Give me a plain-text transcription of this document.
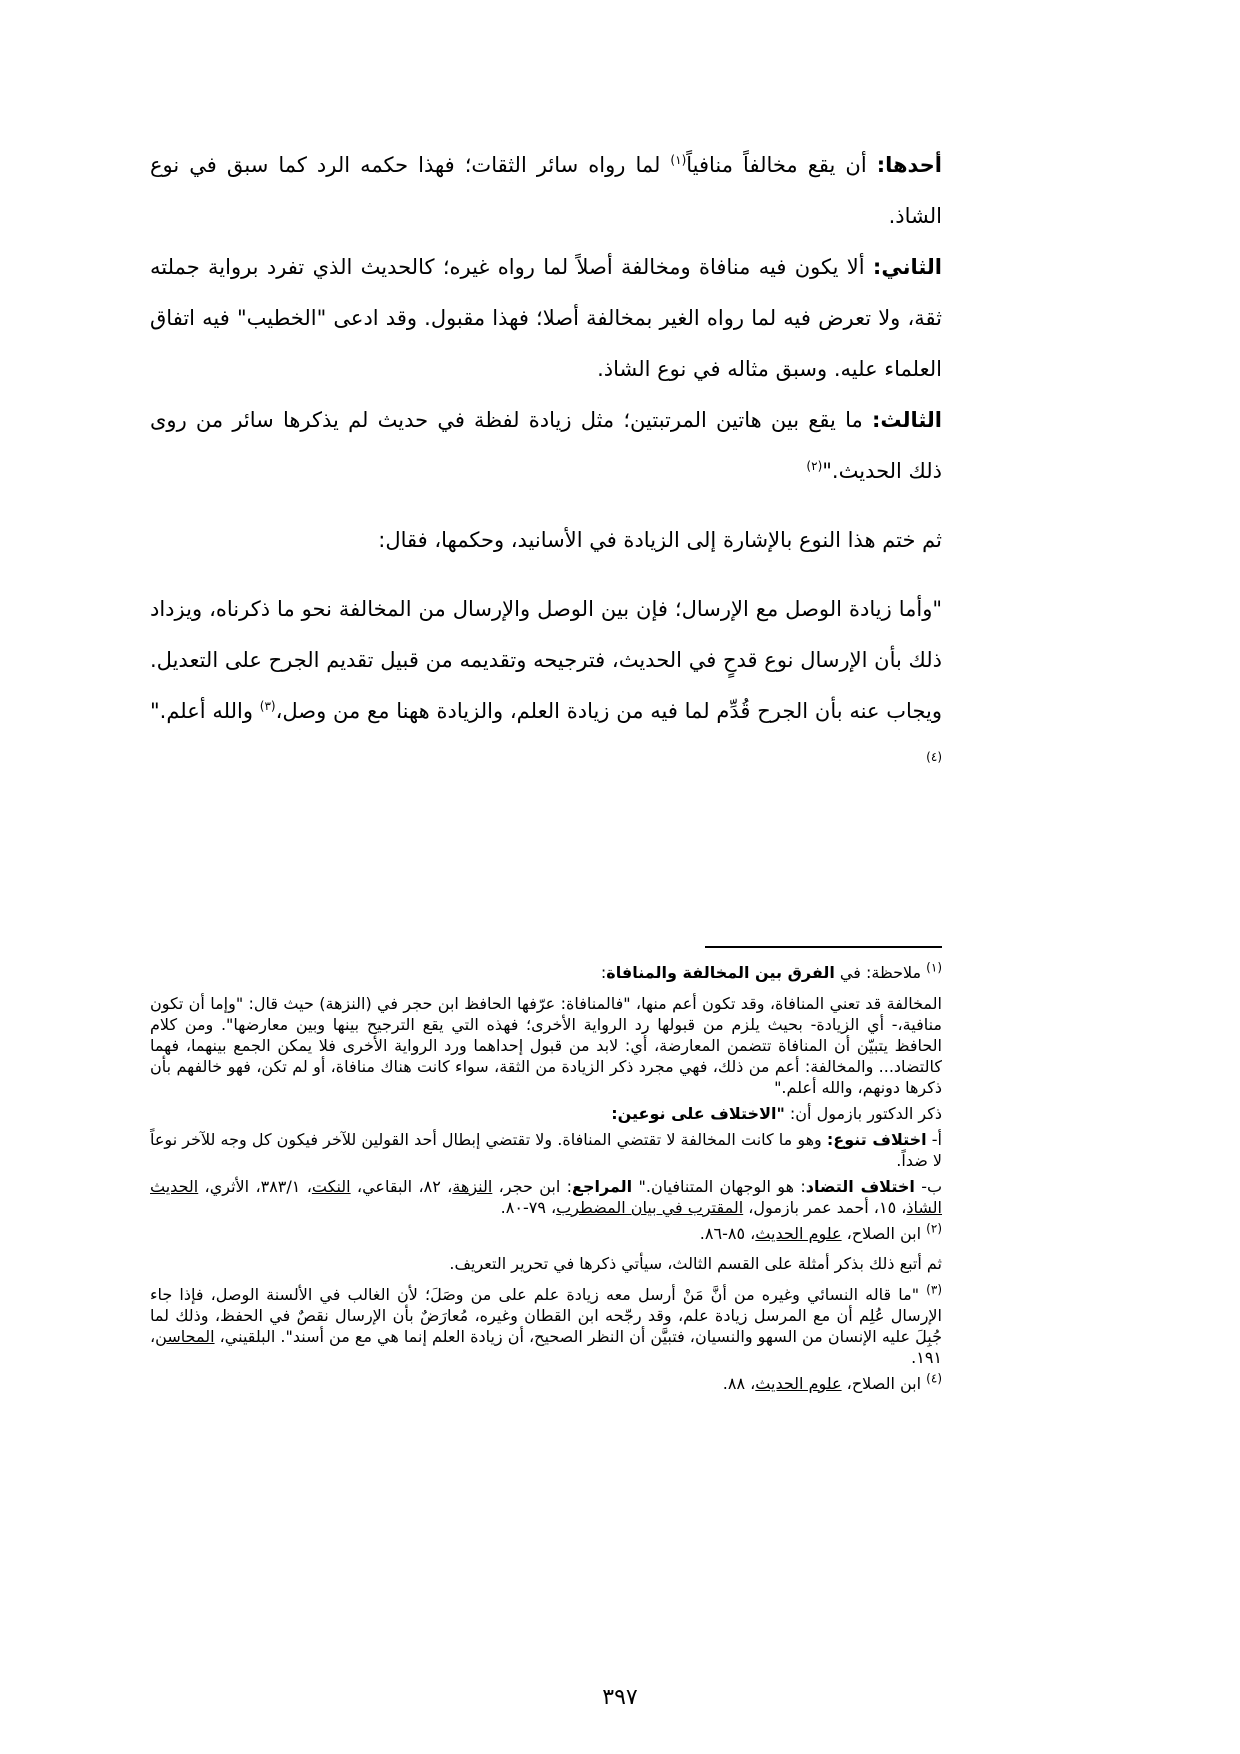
أحدها: أن يقع مخالفاً منافياً$^{(١)}$ لما رواه سائر الثقات؛ فهذا حكمه الرد كما سبق في نوع الشاذ.

الثاني: ألا يكون فيه منافاة ومخالفة أصلاً لما رواه غيره؛ كالحديث الذي تفرد برواية جملته ثقة، ولا تعرض فيه لما رواه الغير بمخالفة أصلا؛ فهذا مقبول. وقد ادعى "الخطيب" فيه اتفاق العلماء عليه. وسبق مثاله في نوع الشاذ.

الثالث: ما يقع بين هاتين المرتبتين؛ مثل زيادة لفظة في حديث لم يذكرها سائر من روى ذلك الحديث."$^{(٢)}$

ثم ختم هذا النوع بالإشارة إلى الزيادة في الأسانيد، وحكمها، فقال:

"وأما زيادة الوصل مع الإرسال؛ فإن بين الوصل والإرسال من المخالفة نحو ما ذكرناه، ويزداد ذلك بأن الإرسال نوع قدحٍ في الحديث، فترجيحه وتقديمه من قبيل تقديم الجرح على التعديل. ويجاب عنه بأن الجرح قُدِّم لما فيه من زيادة العلم، والزيادة ههنا مع من وصل،$^{(٣)}$ والله أعلم."$^{(٤)}$

$^{(١)}$ ملاحظة: في الفرق بين المخالفة والمنافاة:

المخالفة قد تعني المنافاة، وقد تكون أعم منها، "فالمنافاة: عرّفها الحافظ ابن حجر في (النزهة) حيث قال: "وإما أن تكون منافية،- أي الزيادة- بحيث يلزم من قبولها رد الرواية الأخرى؛ فهذه التي يقع الترجيح بينها وبين معارضها". ومن كلام الحافظ يتبيّن أن المنافاة تتضمن المعارضة، أي: لابد من قبول إحداهما ورد الرواية الأخرى فلا يمكن الجمع بينهما، فهما كالتضاد... والمخالفة: أعم من ذلك، فهي مجرد ذكر الزيادة من الثقة، سواء كانت هناك منافاة، أو لم تكن، فهو خالفهم بأن ذكرها دونهم، والله أعلم."

ذكر الدكتور بازمول أن: "الاختلاف على نوعين:

أ- اختلاف تنوع: وهو ما كانت المخالفة لا تقتضي المنافاة. ولا تقتضي إبطال أحد القولين للآخر فيكون كل وجه للآخر نوعاً لا ضداً.

ب- اختلاف التضاد: هو الوجهان المتنافيان." المراجع: ابن حجر، النزهة، ٨٢، البقاعي، النكت، ٣٨٣/١، الأثري، الحديث الشاذ، ١٥، أحمد عمر بازمول، المقترب في بيان المضطرب، ٧٩-٨٠.

$^{(٢)}$ ابن الصلاح، علوم الحديث، ٨٥-٨٦.

ثم أتبع ذلك بذكر أمثلة على القسم الثالث، سيأتي ذكرها في تحرير التعريف.

$^{(٣)}$ "ما قاله النسائي وغيره من أنَّ مَنْ أرسل معه زيادة علم على من وصَلَ؛ لأن الغالب في الألسنة الوصل، فإذا جاء الإرسال عُلِم أن مع المرسل زيادة علم، وقد رجّحه ابن القطان وغيره، مُعارَضٌ بأن الإرسال نقصٌ في الحفظ، وذلك لما جُبِلَ عليه الإنسان من السهو والنسيان، فتبيَّن أن النظر الصحيح، أن زيادة العلم إنما هي مع من أسند". البلقيني، المحاسن، ١٩١.

$^{(٤)}$ ابن الصلاح، علوم الحديث، ٨٨.

٣٩٧
